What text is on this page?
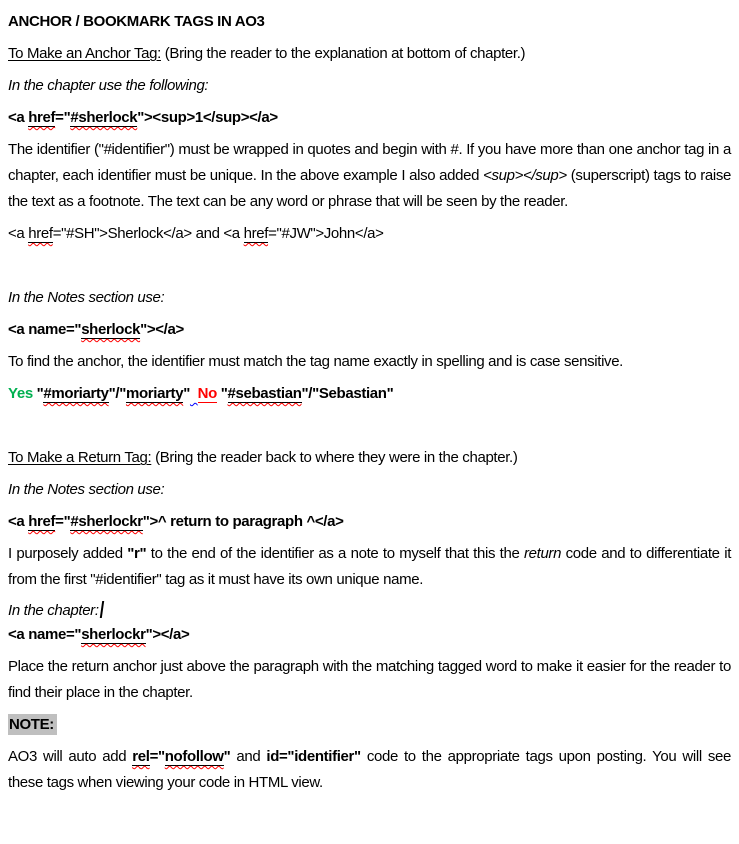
ANCHOR / BOOKMARK TAGS IN AO3

To Make an Anchor Tag: (Bring the reader to the explanation at bottom of chapter.)

In the chapter use the following:

<a href="#sherlock"><sup>1</sup></a>

The identifier ("#identifier") must be wrapped in quotes and begin with #. If you have more than one anchor tag in a chapter, each identifier must be unique. In the above example I also added <sup></sup> (superscript) tags to raise the text as a footnote. The text can be any word or phrase that will be seen by the reader.

<a href="#SH">Sherlock</a> and <a href="#JW">John</a>

In the Notes section use:

<a name="sherlock"></a>

To find the anchor, the identifier must match the tag name exactly in spelling and is case sensitive.

Yes "#moriarty"/"moriarty" No "#sebastian"/"Sebastian"

To Make a Return Tag: (Bring the reader back to where they were in the chapter.)

In the Notes section use:

<a href="#sherlockr">^ return to paragraph ^</a>

I purposely added "r" to the end of the identifier as a note to myself that this the return code and to differentiate it from the first "#identifier" tag as it must have its own unique name.

In the chapter:

<a name="sherlockr"></a>

Place the return anchor just above the paragraph with the matching tagged word to make it easier for the reader to find their place in the chapter.

NOTE:

AO3 will auto add rel="nofollow" and id="identifier" code to the appropriate tags upon posting. You will see these tags when viewing your code in HTML view.
